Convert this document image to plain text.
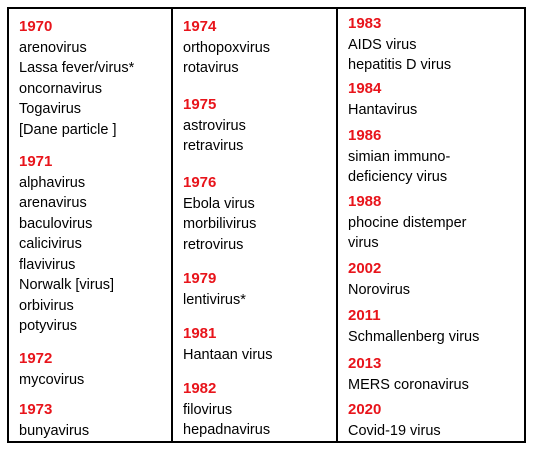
1970
arenovirus
Lassa fever/virus*
oncornavirus
Togavirus
[Dane particle ]
1971
alphavirus
arenavirus
baculovirus
calicivirus
flavivirus
Norwalk [virus]
orbivirus
potyvirus
1972
mycovirus
1973
bunyavirus
1974
orthopoxvirus
rotavirus
1975
astrovirus
retravirus
1976
Ebola virus
morbilivirus
retrovirus
1979
lentivirus*
1981
Hantaan virus
1982
filovirus
hepadnavirus
1983
AIDS virus
hepatitis D virus
1984
Hantavirus
1986
simian immuno-
deficiency virus
1988
phocine distemper
virus
2002
Norovirus
2011
Schmallenberg virus
2013
MERS coronavirus
2020
Covid-19 virus
